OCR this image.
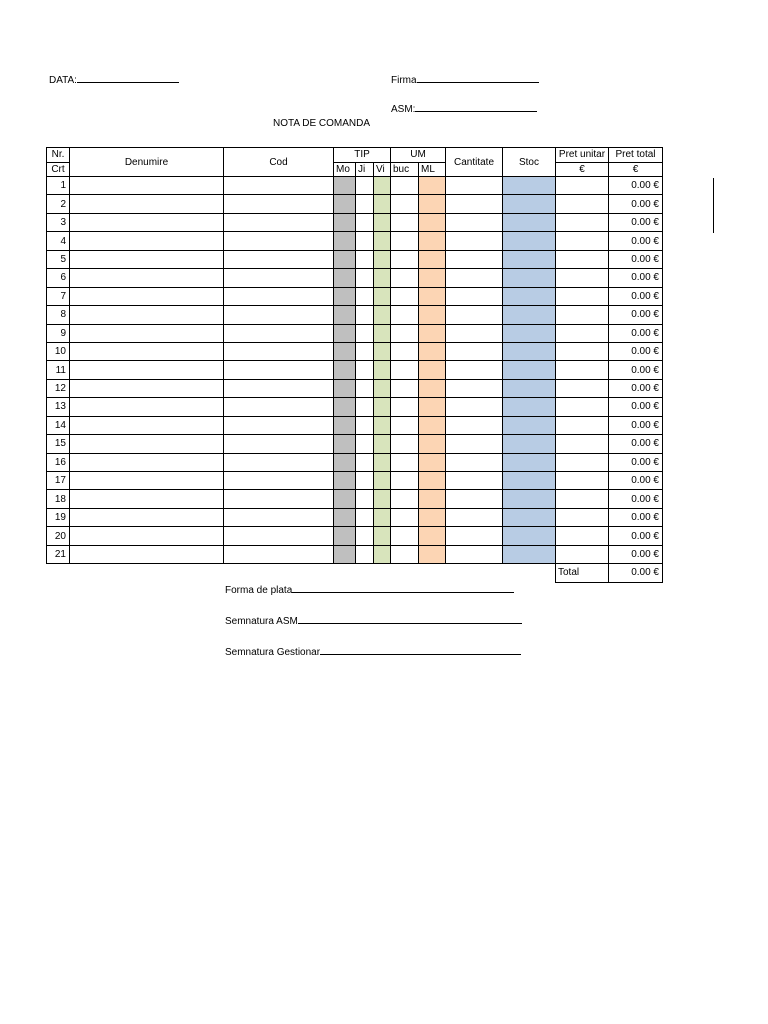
DATA:	Firma
ASM:
NOTA DE COMANDA
Nr.	Denumire	Cod	TIP			UM		Cantitate	Stoc	Pret unitar	Pret total
Crt			Mo	Ji	Vi	buc	ML			€	€
1											0.00 €
2											0.00 €
3											0.00 €
4											0.00 €
5											0.00 €
6											0.00 €
7											0.00 €
8											0.00 €
9											0.00 €
10											0.00 €
11											0.00 €
12											0.00 €
13											0.00 €
14											0.00 €
15											0.00 €
16											0.00 €
17											0.00 €
18											0.00 €
19											0.00 €
20											0.00 €
21											0.00 €
										Total	0.00 €
Forma de plata
Semnatura ASM
Semnatura Gestionar
